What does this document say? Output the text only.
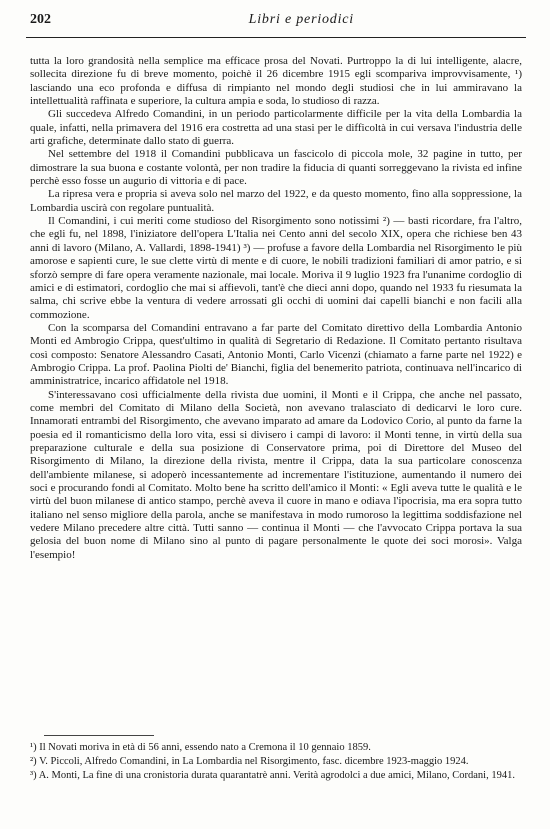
202	Libri e periodici

tutta la loro grandosità nella semplice ma efficace prosa del Novati. Purtroppo la di lui intelligente, alacre, sollecita direzione fu di breve momento, poichè il 26 dicembre 1915 egli scompariva improvvisamente, ¹) lasciando una eco profonda e diffusa di rimpianto nel mondo degli studiosi che in lui ammiravano la intellettualità raffinata e superiore, la cultura ampia e soda, lo studioso di razza.

Gli succedeva Alfredo Comandini, in un periodo particolarmente difficile per la vita della Lombardia la quale, infatti, nella primavera del 1916 era costretta ad una stasi per le difficoltà in cui versava l'industria delle arti grafiche, determinate dallo stato di guerra.

Nel settembre del 1918 il Comandini pubblicava un fascicolo di piccola mole, 32 pagine in tutto, per dimostrare la sua buona e costante volontà, per non tradire la fiducia di quanti sorreggevano la rivista ed infine perchè esso fosse un augurio di vittoria e di pace.

La ripresa vera e propria si aveva solo nel marzo del 1922, e da questo momento, fino alla soppressione, la Lombardia uscirà con regolare puntualità.

Il Comandini, i cui meriti come studioso del Risorgimento sono notissimi ²) — basti ricordare, fra l'altro, che egli fu, nel 1898, l'iniziatore dell'opera L'Italia nei Cento anni del secolo XIX, opera che richiese ben 43 anni di lavoro (Milano, A. Vallardi, 1898-1941) ³) — profuse a favore della Lombardia nel Risorgimento le più amorose e sapienti cure, le sue clette virtù di mente e di cuore, le nobili tradizioni familiari di amor patrio, e si sforzò sempre di fare opera veramente nazionale, mai locale. Moriva il 9 luglio 1923 fra l'unanime cordoglio di amici e di estimatori, cordoglio che mai si affievolì, tant'è che dieci anni dopo, quando nel 1933 fu riesumata la salma, chi scrive ebbe la ventura di vedere arrossati gli occhi di uomini dai capelli bianchi e non facili alla commozione.

Con la scomparsa del Comandini entravano a far parte del Comitato direttivo della Lombardia Antonio Monti ed Ambrogio Crippa, quest'ultimo in qualità di Segretario di Redazione. Il Comitato pertanto risultava così composto: Senatore Alessandro Casati, Antonio Monti, Carlo Vicenzi (chiamato a farne parte nel 1922) e Ambrogio Crippa. La prof. Paolina Piolti de' Bianchi, figlia del benemerito patriota, continuava nell'incarico di amministratrice, incarico affidatole nel 1918.

S'interessavano così ufficialmente della rivista due uomini, il Monti e il Crippa, che anche nel passato, come membri del Comitato di Milano della Società, non avevano tralasciato di dedicarvi le loro cure. Innamorati entrambi del Risorgimento, che avevano imparato ad amare da Lodovico Corio, al punto da farne la poesia ed il romanticismo della loro vita, essi si divisero i campi di lavoro: il Monti tenne, in virtù della sua preparazione culturale e della sua posizione di Conservatore prima, poi di Direttore del Museo del Risorgimento di Milano, la direzione della rivista, mentre il Crippa, data la sua particolare conoscenza dell'ambiente milanese, si adoperò incessantemente ad incrementare l'istituzione, aumentando il numero dei soci e procurando fondi al Comitato. Molto bene ha scritto dell'amico il Monti: « Egli aveva tutte le qualità e le virtù del buon milanese di antico stampo, perchè aveva il cuore in mano e odiava l'ipocrisia, ma era sopra tutto italiano nel senso migliore della parola, anche se manifestava in modo rumoroso la legittima soddisfazione nel vedere Milano precedere altre città. Tutti sanno — continua il Monti — che l'avvocato Crippa portava la sua gelosia del buon nome di Milano sino al punto di pagare personalmente le quote dei soci morosi». Valga l'esempio!

¹) Il Novati moriva in età di 56 anni, essendo nato a Cremona il 10 gennaio 1859.

²) V. Piccoli, Alfredo Comandini, in La Lombardia nel Risorgimento, fasc. dicembre 1923-maggio 1924.

³) A. Monti, La fine di una cronistoria durata quarantatrè anni. Verità agrodolci a due amici, Milano, Cordani, 1941.
